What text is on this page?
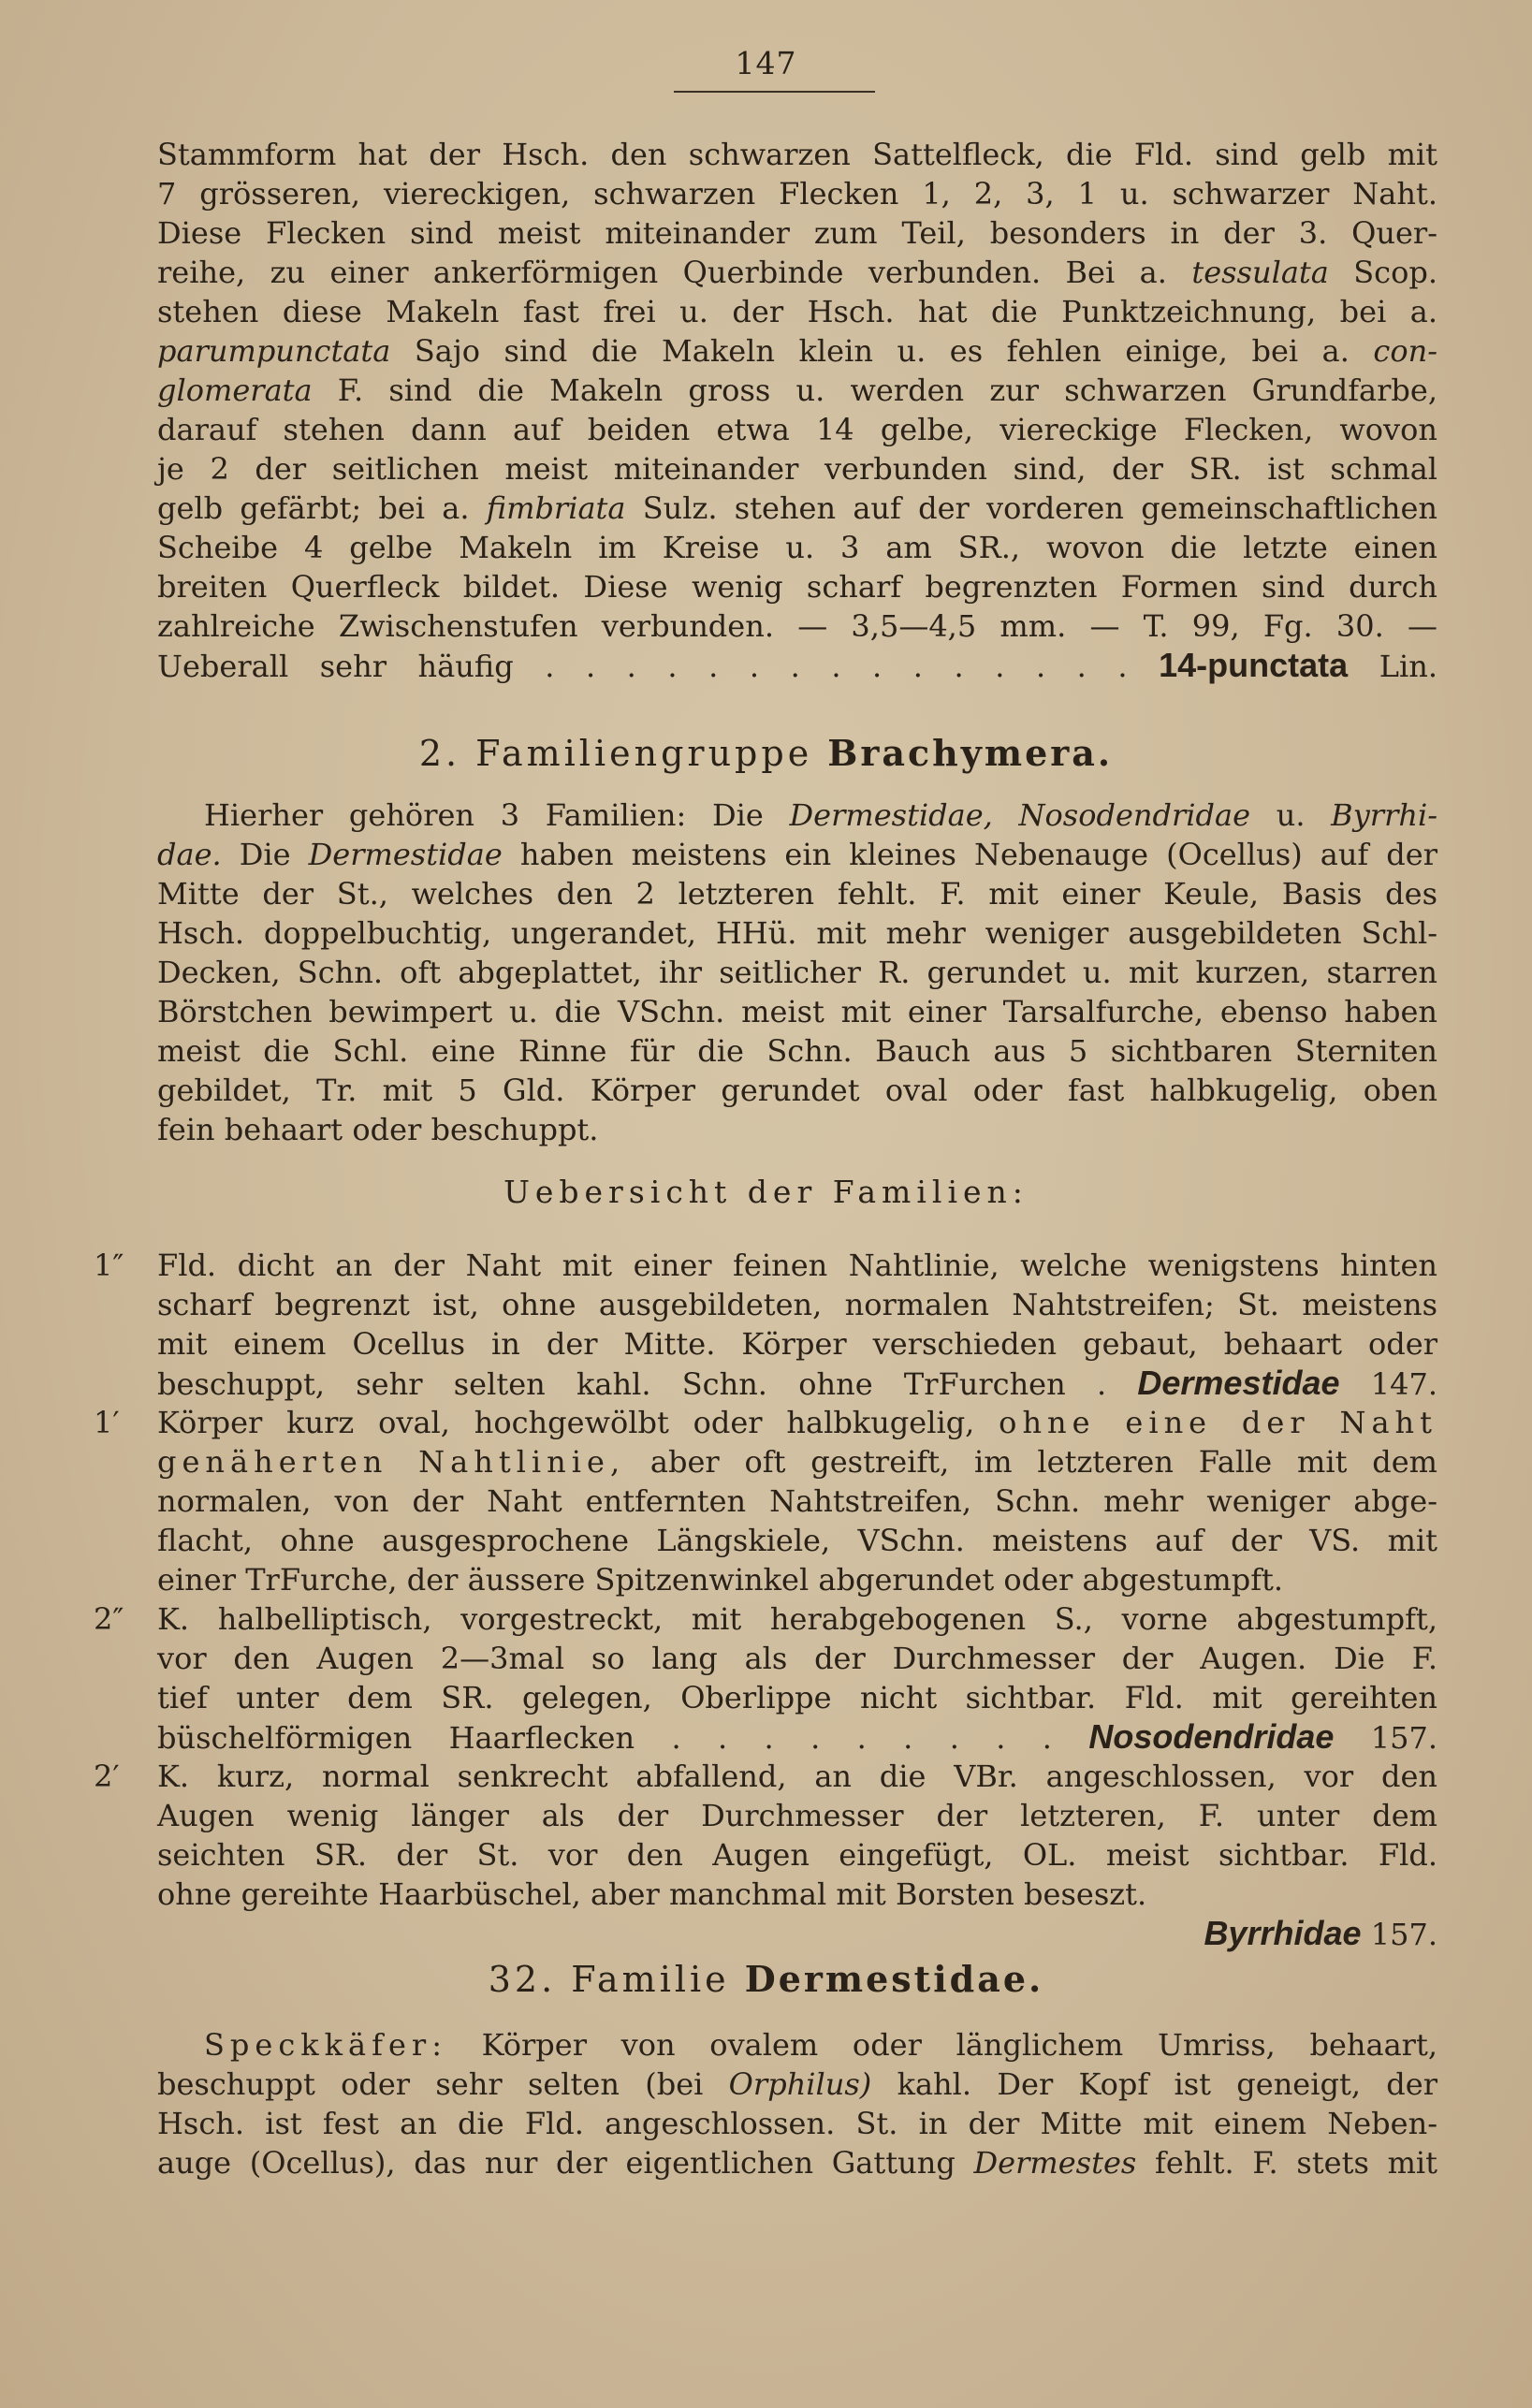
147
Stammform hat der Hsch. den schwarzen Sattelfleck, die Fld. sind gelb mit
7 grösseren, viereckigen, schwarzen Flecken 1, 2, 3, 1 u. schwarzer Naht.
Diese Flecken sind meist miteinander zum Teil, besonders in der 3. Quer-
reihe, zu einer ankerförmigen Querbinde verbunden. Bei a. tessulata Scop.
stehen diese Makeln fast frei u. der Hsch. hat die Punktzeichnung, bei a.
parumpunctata Sajo sind die Makeln klein u. es fehlen einige, bei a. con-
glomerata F. sind die Makeln gross u. werden zur schwarzen Grundfarbe,
darauf stehen dann auf beiden etwa 14 gelbe, viereckige Flecken, wovon
je 2 der seitlichen meist miteinander verbunden sind, der SR. ist schmal
gelb gefärbt; bei a. fimbriata Sulz. stehen auf der vorderen gemeinschaftlichen
Scheibe 4 gelbe Makeln im Kreise u. 3 am SR., wovon die letzte einen
breiten Querfleck bildet. Diese wenig scharf begrenzten Formen sind durch
zahlreiche Zwischenstufen verbunden. — 3,5—4,5 mm. — T. 99, Fg. 30. —
Ueberall sehr häufig . . . . . . . . . . . . . . . 14-punctata Lin.
2. Familiengruppe Brachymera.
Hierher gehören 3 Familien: Die Dermestidae, Nosodendridae u. Byrrhi-
dae. Die Dermestidae haben meistens ein kleines Nebenauge (Ocellus) auf der
Mitte der St., welches den 2 letzteren fehlt. F. mit einer Keule, Basis des
Hsch. doppelbuchtig, ungerandet, HHü. mit mehr weniger ausgebildeten Schl-
Decken, Schn. oft abgeplattet, ihr seitlicher R. gerundet u. mit kurzen, starren
Börstchen bewimpert u. die VSchn. meist mit einer Tarsalfurche, ebenso haben
meist die Schl. eine Rinne für die Schn. Bauch aus 5 sichtbaren Sterniten
gebildet, Tr. mit 5 Gld. Körper gerundet oval oder fast halbkugelig, oben
fein behaart oder beschuppt.
Uebersicht der Familien:
1″ Fld. dicht an der Naht mit einer feinen Nahtlinie, welche wenigstens hinten
scharf begrenzt ist, ohne ausgebildeten, normalen Nahtstreifen; St. meistens
mit einem Ocellus in der Mitte. Körper verschieden gebaut, behaart oder
beschuppt, sehr selten kahl. Schn. ohne TrFurchen . Dermestidae 147.
1′ Körper kurz oval, hochgewölbt oder halbkugelig, ohne eine der Naht
genäherten Nahtlinie, aber oft gestreift, im letzteren Falle mit dem
normalen, von der Naht entfernten Nahtstreifen, Schn. mehr weniger abge-
flacht, ohne ausgesprochene Längskiele, VSchn. meistens auf der VS. mit
einer TrFurche, der äussere Spitzenwinkel abgerundet oder abgestumpft.
2″ K. halbelliptisch, vorgestreckt, mit herabgebogenen S., vorne abgestumpft,
vor den Augen 2—3mal so lang als der Durchmesser der Augen. Die F.
tief unter dem SR. gelegen, Oberlippe nicht sichtbar. Fld. mit gereihten
büschelförmigen Haarflecken . . . . . . . . . Nosodendridae 157.
2′ K. kurz, normal senkrecht abfallend, an die VBr. angeschlossen, vor den
Augen wenig länger als der Durchmesser der letzteren, F. unter dem
seichten SR. der St. vor den Augen eingefügt, OL. meist sichtbar. Fld.
ohne gereihte Haarbüschel, aber manchmal mit Borsten beseszt.
Byrrhidae 157.
32. Familie Dermestidae.
Speckkäfer: Körper von ovalem oder länglichem Umriss, behaart,
beschuppt oder sehr selten (bei Orphilus) kahl. Der Kopf ist geneigt, der
Hsch. ist fest an die Fld. angeschlossen. St. in der Mitte mit einem Neben-
auge (Ocellus), das nur der eigentlichen Gattung Dermestes fehlt. F. stets mit
